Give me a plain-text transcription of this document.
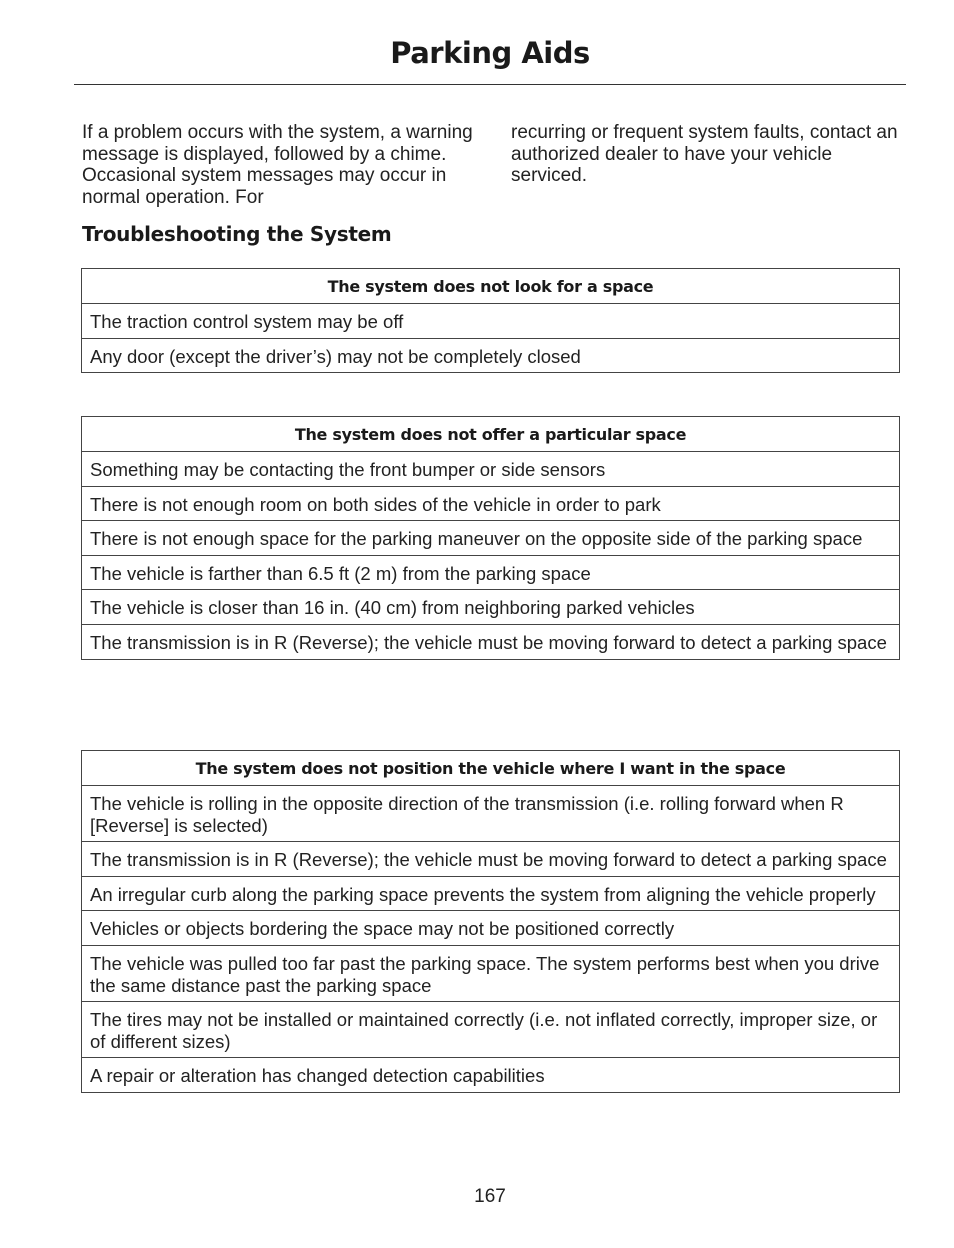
Parking Aids
If a problem occurs with the system, a warning message is displayed, followed by a chime. Occasional system messages may occur in normal operation. For
recurring or frequent system faults, contact an authorized dealer to have your vehicle serviced.
Troubleshooting the System
The system does not look for a space
The traction control system may be off
Any door (except the driver’s) may not be completely closed
The system does not offer a particular space
Something may be contacting the front bumper or side sensors
There is not enough room on both sides of the vehicle in order to park
There is not enough space for the parking maneuver on the opposite side of the parking space
The vehicle is farther than 6.5 ft (2 m) from the parking space
The vehicle is closer than 16 in. (40 cm) from neighboring parked vehicles
The transmission is in R (Reverse); the vehicle must be moving forward to detect a parking space
The system does not position the vehicle where I want in the space
The vehicle is rolling in the opposite direction of the transmission (i.e. rolling forward when R [Reverse] is selected)
The transmission is in R (Reverse); the vehicle must be moving forward to detect a parking space
An irregular curb along the parking space prevents the system from aligning the vehicle properly
Vehicles or objects bordering the space may not be positioned correctly
The vehicle was pulled too far past the parking space. The system performs best when you drive the same distance past the parking space
The tires may not be installed or maintained correctly (i.e. not inflated correctly, improper size, or of different sizes)
A repair or alteration has changed detection capabilities
167
